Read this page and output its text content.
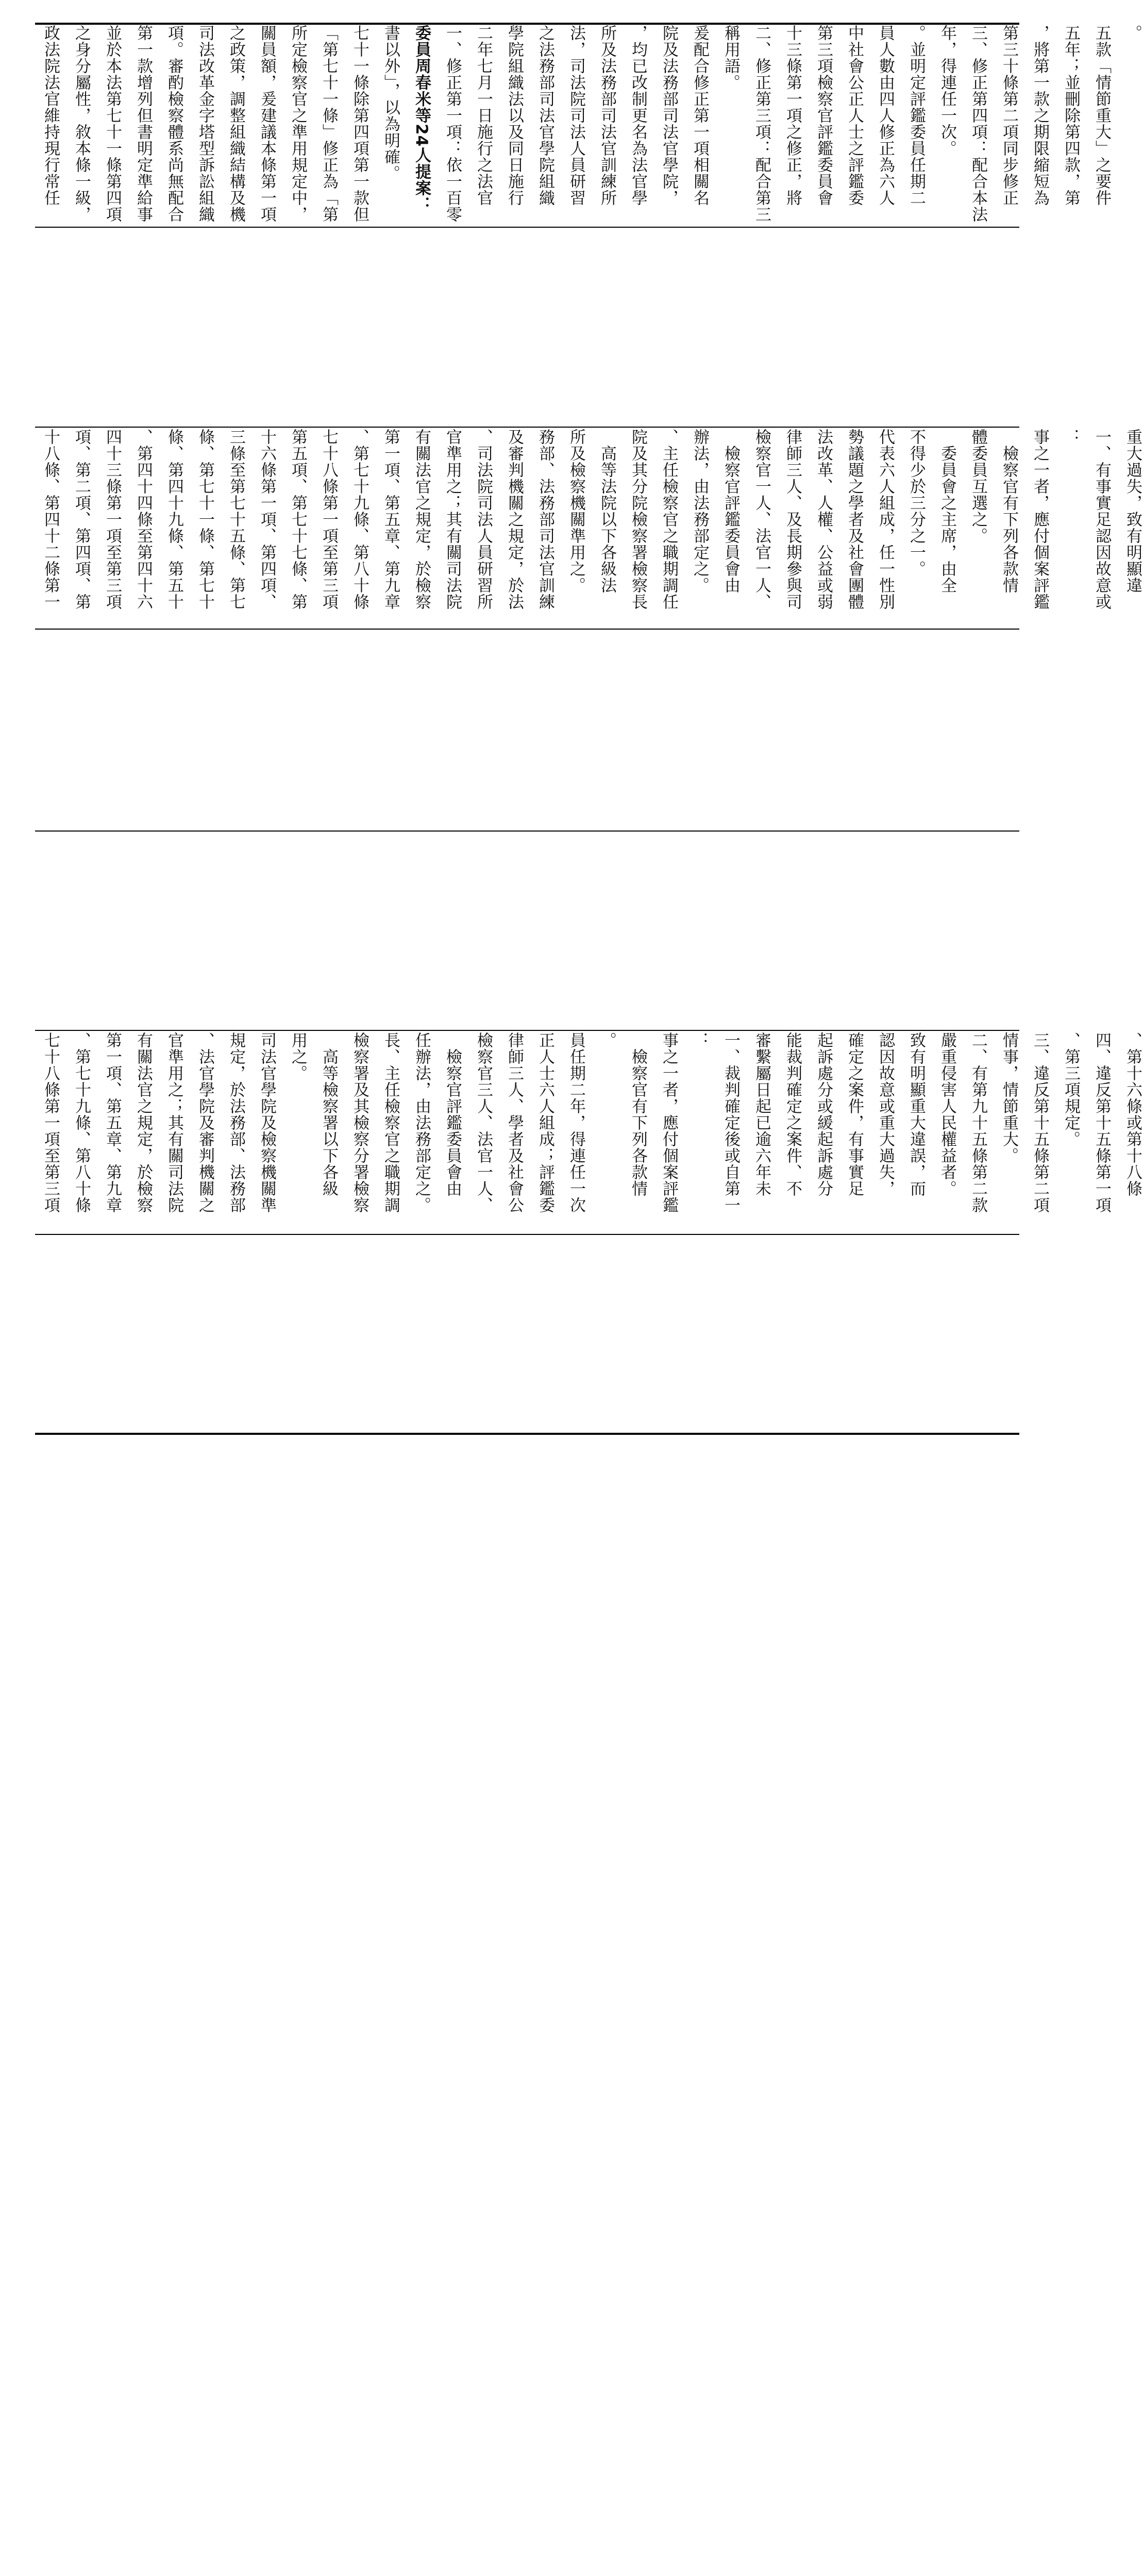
政法院法官維持現行常任 之身分屬性，敘本條一級， 並於本法第七十一條第四項 第一款增列但書明定準給事 項。審酌檢察體系尚無配合 司法改革金字塔型訴訟組織 之政策，調整組織結構及機 關員額，爰建議本條第一項 所定檢察官之準用規定中， 「第七十一條」修正為「第 七十一條除第四項第一款但 書以外」，以為明確。 委員周春米等24人提案： 一、修正第一項：依一百零 二年七月一日施行之法官 學院組織法以及同日施行 之法務部司法官學院組織 法，司法院司法人員研習 所及法務部司法官訓練所 ，均已改制更名為法官學 院及法務部司法官學院， 爰配合修正第一項相關名 稱用語。 二、修正第三項：配合第三 十三條第一項之修正，將 第三項檢察官評鑑委員會 中社會公正人士之評鑑委 員人數由四人修正為六人 。並明定評鑑委員任期二 年，得連任一次。 三、修正第四項：配合本法 第三十條第二項同步修正 ，將第一款之期限縮短為 五年；並刪除第四款，第 五款「情節重大」之要件 。
十八條、第四十二條第一 項、第二項、第四項、第 四十三條第一項至第三項 、第四十四條至第四十六 條、第四十九條、第五十 條、第七十一條、第七十 三條至第七十五條、第七 十六條第一項、第四項、 第五項、第七十七條、第 七十八條第一項至第三項 、第七十九條、第八十條 第一項、第五章、第九章 有關法官之規定，於檢察 官準用之；其有關司法院 、司法院司法人員研習所 及審判機關之規定，於法 務部、法務部司法官訓練 所及檢察機關準用之。 　高等法院以下各級法 院及其分院檢察署檢察長 、主任檢察官之職期調任 辦法，由法務部定之。 　檢察官評鑑委員會由 檢察官一人、法官一人、 律師三人、及長期參與司 法改革、人權、公益或弱 勢議題之學者及社會團體 代表六人組成，任一性別 不得少於三分之一。 　委員會之主席，由全 體委員互選之。 　檢察官有下列各款情 事之一者，應付個案評鑑 ： 一、有事實足認因故意或 重大過失，致有明顯違
七十八條第一項至第三項 、第七十九條、第八十條 第一項、第五章、第九章 有關法官之規定，於檢察 官準用之；其有關司法院 、法官學院及審判機關之 規定，於法務部、法務部 司法官學院及檢察機關準 用之。 　高等檢察署以下各級 檢察署及其檢察分署檢察 長、主任檢察官之職期調 任辦法，由法務部定之。 　檢察官評鑑委員會由 檢察官三人、法官一人、 律師三人、學者及社會公 正人士六人組成；評鑑委 員任期二年，得連任一次 。 　檢察官有下列各款情 事之一者，應付個案評鑑 ： 一、裁判確定後或自第一 審繫屬日起已逾六年未 能裁判確定之案件、不 起訴處分或緩起訴處分 確定之案件，有事實足 認因故意或重大過失， 致有明顯重大違誤，而 嚴重侵害人民權益者。 二、有第九十五條第二款 情事，情節重大。 三、違反第十五條第二項 、第三項規定。 四、違反第十五條第一項 、第十六條或第十八條
